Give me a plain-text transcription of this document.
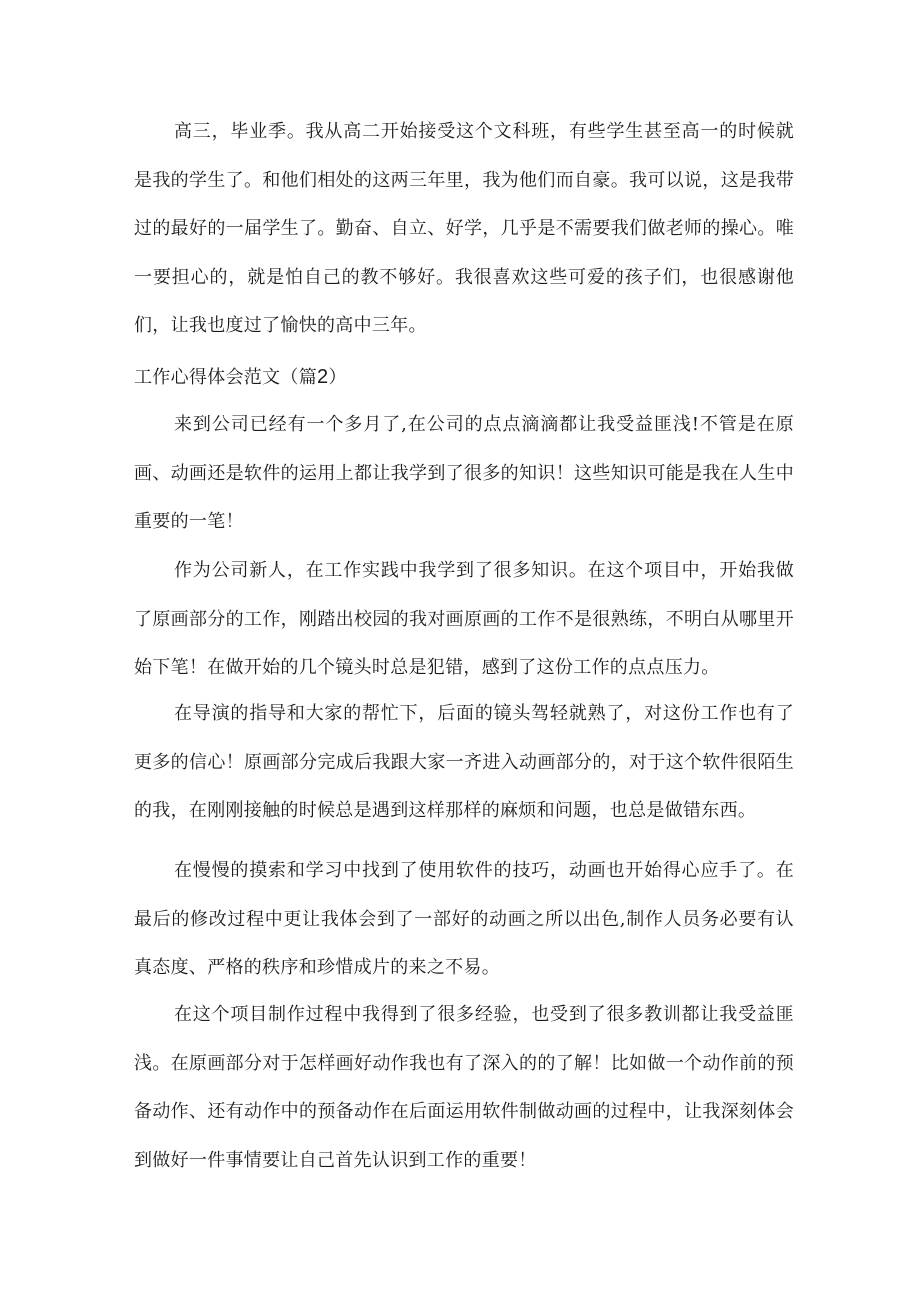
高三，毕业季。我从高二开始接受这个文科班，有些学生甚至高一的时候就是我的学生了。和他们相处的这两三年里，我为他们而自豪。我可以说，这是我带过的最好的一届学生了。勤奋、自立、好学，几乎是不需要我们做老师的操心。唯一要担心的，就是怕自己的教不够好。我很喜欢这些可爱的孩子们，也很感谢他们，让我也度过了愉快的高中三年。

工作心得体会范文（篇2）

来到公司已经有一个多月了,在公司的点点滴滴都让我受益匪浅!不管是在原画、动画还是软件的运用上都让我学到了很多的知识！这些知识可能是我在人生中重要的一笔！

作为公司新人，在工作实践中我学到了很多知识。在这个项目中，开始我做了原画部分的工作，刚踏出校园的我对画原画的工作不是很熟练，不明白从哪里开始下笔！在做开始的几个镜头时总是犯错，感到了这份工作的点点压力。

在导演的指导和大家的帮忙下，后面的镜头驾轻就熟了，对这份工作也有了更多的信心！原画部分完成后我跟大家一齐进入动画部分的，对于这个软件很陌生的我，在刚刚接触的时候总是遇到这样那样的麻烦和问题，也总是做错东西。

在慢慢的摸索和学习中找到了使用软件的技巧，动画也开始得心应手了。在最后的修改过程中更让我体会到了一部好的动画之所以出色,制作人员务必要有认真态度、严格的秩序和珍惜成片的来之不易。

在这个项目制作过程中我得到了很多经验，也受到了很多教训都让我受益匪浅。在原画部分对于怎样画好动作我也有了深入的的了解！比如做一个动作前的预备动作、还有动作中的预备动作在后面运用软件制做动画的过程中，让我深刻体会到做好一件事情要让自己首先认识到工作的重要！
